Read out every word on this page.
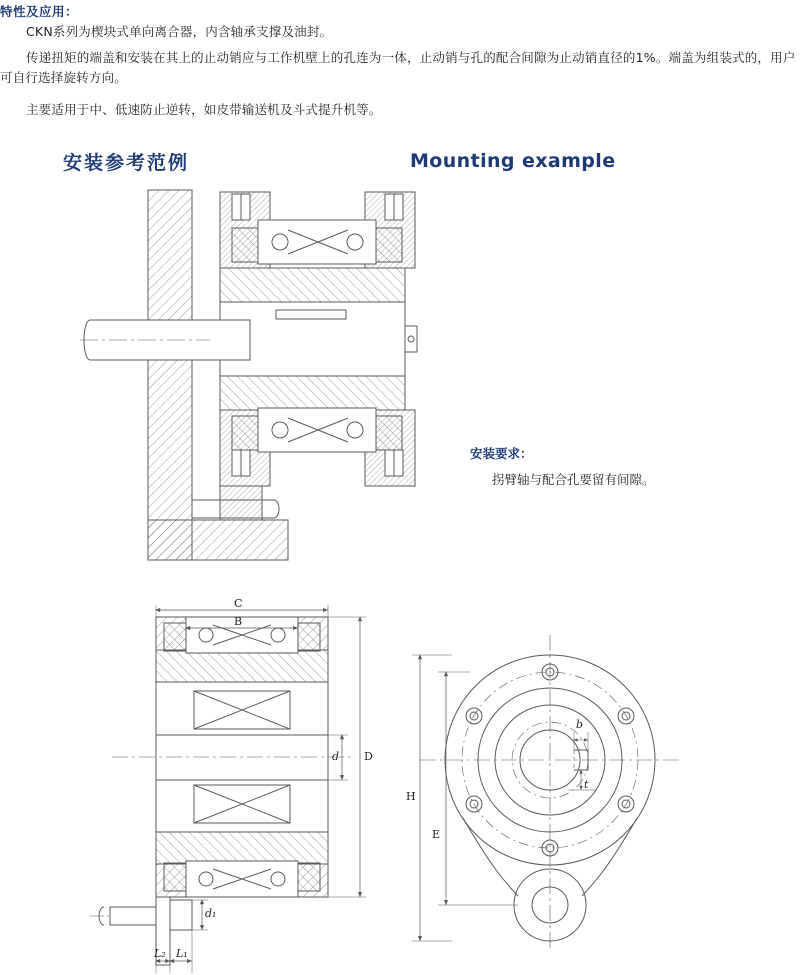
特性及应用：
CKN系列为楔块式单向离合器，内含轴承支撑及油封。
传递扭矩的端盖和安装在其上的止动销应与工作机壁上的孔连为一体，止动销与孔的配合间隙为止动销直径的1%。端盖为组装式的，用户可自行选择旋转方向。
主要适用于中、低速防止逆转，如皮带输送机及斗式提升机等。
安装参考范例	Mounting example
安装要求：
拐臂轴与配合孔要留有间隙。
C
B
D
d
d₁
L₂ L₁
H
E
b
t
